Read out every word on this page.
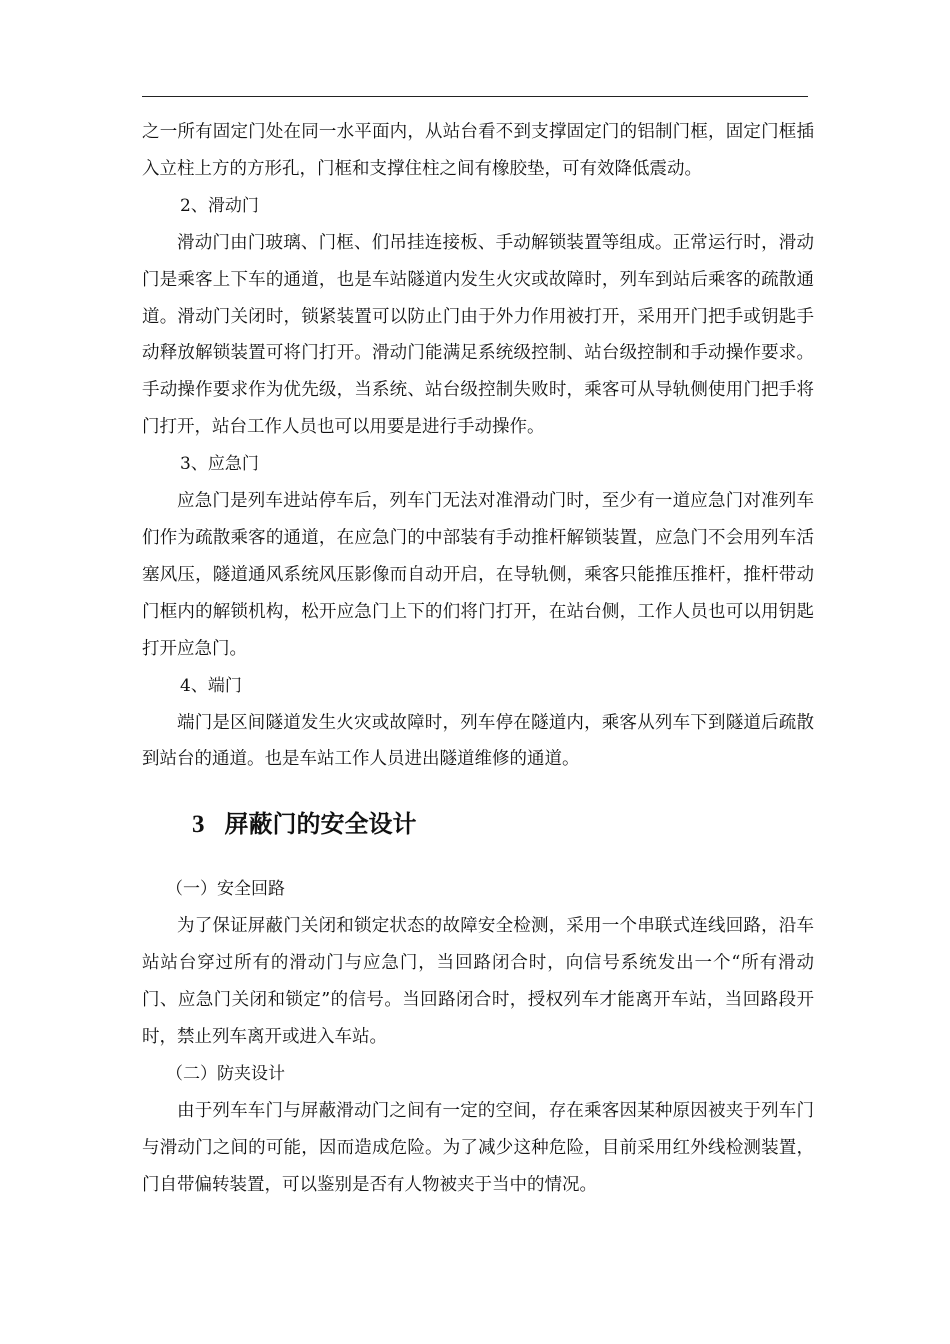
之一所有固定门处在同一水平面内，从站台看不到支撑固定门的铝制门框，固定门框插入立柱上方的方形孔，门框和支撑住柱之间有橡胶垫，可有效降低震动。

2、滑动门

滑动门由门玻璃、门框、们吊挂连接板、手动解锁装置等组成。正常运行时，滑动门是乘客上下车的通道，也是车站隧道内发生火灾或故障时，列车到站后乘客的疏散通道。滑动门关闭时，锁紧装置可以防止门由于外力作用被打开，采用开门把手或钥匙手动释放解锁装置可将门打开。滑动门能满足系统级控制、站台级控制和手动操作要求。手动操作要求作为优先级，当系统、站台级控制失败时，乘客可从导轨侧使用门把手将门打开，站台工作人员也可以用要是进行手动操作。

3、应急门

应急门是列车进站停车后，列车门无法对准滑动门时，至少有一道应急门对准列车们作为疏散乘客的通道，在应急门的中部装有手动推杆解锁装置，应急门不会用列车活塞风压，隧道通风系统风压影像而自动开启，在导轨侧，乘客只能推压推杆，推杆带动门框内的解锁机构，松开应急门上下的们将门打开，在站台侧，工作人员也可以用钥匙打开应急门。

4、端门

端门是区间隧道发生火灾或故障时，列车停在隧道内，乘客从列车下到隧道后疏散到站台的通道。也是车站工作人员进出隧道维修的通道。

3 屏蔽门的安全设计

（一）安全回路

为了保证屏蔽门关闭和锁定状态的故障安全检测，采用一个串联式连线回路，沿车站站台穿过所有的滑动门与应急门，当回路闭合时，向信号系统发出一个“所有滑动门、应急门关闭和锁定”的信号。当回路闭合时，授权列车才能离开车站，当回路段开时，禁止列车离开或进入车站。

（二）防夹设计

由于列车车门与屏蔽滑动门之间有一定的空间，存在乘客因某种原因被夹于列车门与滑动门之间的可能，因而造成危险。为了减少这种危险，目前采用红外线检测装置，门自带偏转装置，可以鉴别是否有人物被夹于当中的情况。
